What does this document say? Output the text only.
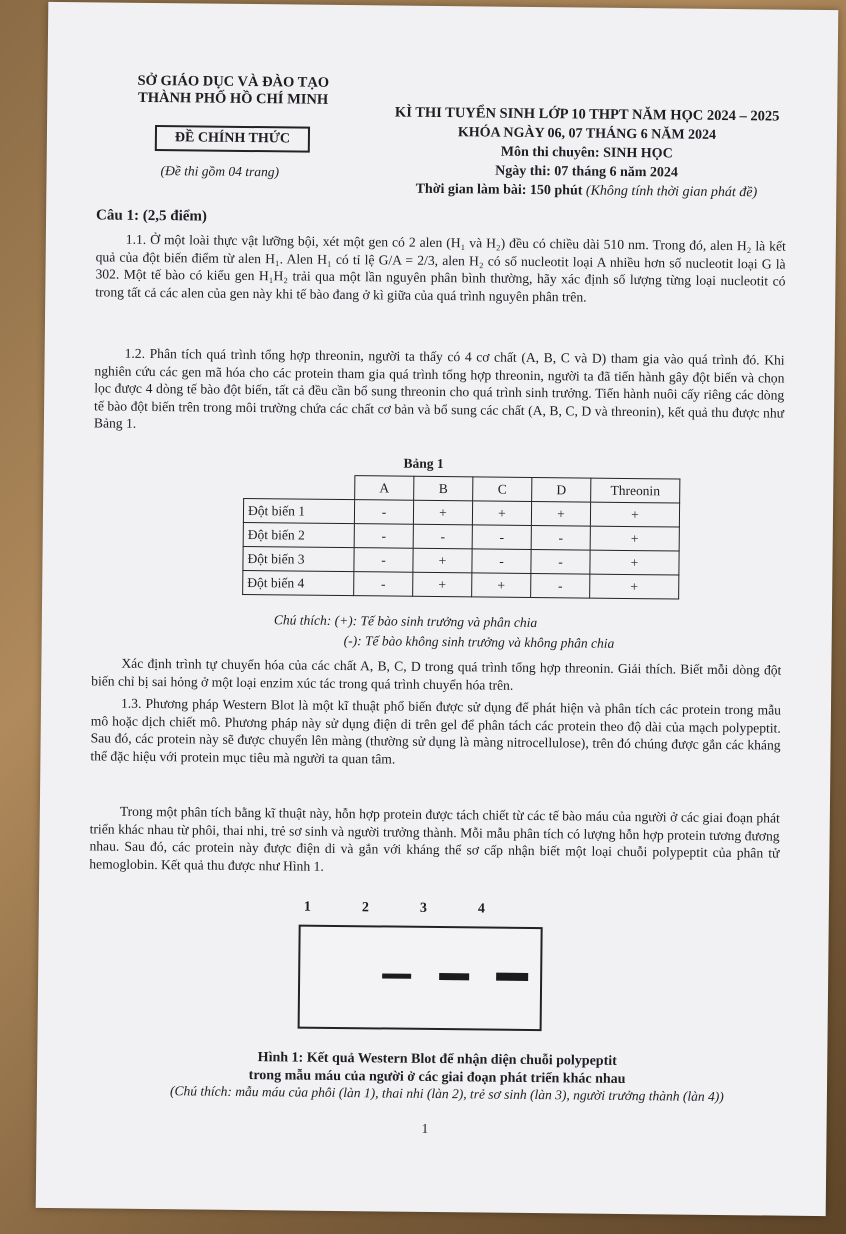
SỞ GIÁO DỤC VÀ ĐÀO TẠO
THÀNH PHỐ HỒ CHÍ MINH
ĐỀ CHÍNH THỨC
(Đề thi gồm 04 trang)
KÌ THI TUYỂN SINH LỚP 10 THPT NĂM HỌC 2024 – 2025
KHÓA NGÀY 06, 07 THÁNG 6 NĂM 2024
Môn thi chuyên: SINH HỌC
Ngày thi: 07 tháng 6 năm 2024
Thời gian làm bài: 150 phút (Không tính thời gian phát đề)
Câu 1: (2,5 điểm)

1.1. Ở một loài thực vật lưỡng bội, xét một gen có 2 alen (H₁ và H₂) đều có chiều dài 510 nm. Trong đó, alen H₂ là kết quả của đột biến điểm từ alen H₁. Alen H₁ có tỉ lệ G/A = 2/3, alen H₂ có số nucleotit loại A nhiều hơn số nucleotit loại G là 302. Một tế bào có kiểu gen H₁H₂ trải qua một lần nguyên phân bình thường, hãy xác định số lượng từng loại nucleotit có trong tất cả các alen của gen này khi tế bào đang ở kì giữa của quá trình nguyên phân trên.

1.2. Phân tích quá trình tổng hợp threonin, người ta thấy có 4 cơ chất (A, B, C và D) tham gia vào quá trình đó. Khi nghiên cứu các gen mã hóa cho các protein tham gia quá trình tổng hợp threonin, người ta đã tiến hành gây đột biến và chọn lọc được 4 dòng tế bào đột biến, tất cả đều cần bổ sung threonin cho quá trình sinh trưởng. Tiến hành nuôi cấy riêng các dòng tế bào đột biến trên trong môi trường chứa các chất cơ bản và bổ sung các chất (A, B, C, D và threonin), kết quả thu được như Bảng 1.

Bảng 1
	A	B	C	D	Threonin
Đột biến 1	-	+	+	+	+
Đột biến 2	-	-	-	-	+
Đột biến 3	-	+	-	-	+
Đột biến 4	-	+	+	-	+
Chú thích: (+): Tế bào sinh trưởng và phân chia
(-): Tế bào không sinh trưởng và không phân chia

Xác định trình tự chuyển hóa của các chất A, B, C, D trong quá trình tổng hợp threonin. Giải thích. Biết mỗi dòng đột biến chỉ bị sai hỏng ở một loại enzim xúc tác trong quá trình chuyển hóa trên.

1.3. Phương pháp Western Blot là một kĩ thuật phổ biến được sử dụng để phát hiện và phân tích các protein trong mẫu mô hoặc dịch chiết mô. Phương pháp này sử dụng điện di trên gel để phân tách các protein theo độ dài của mạch polypeptit. Sau đó, các protein này sẽ được chuyển lên màng (thường sử dụng là màng nitrocellulose), trên đó chúng được gắn các kháng thể đặc hiệu với protein mục tiêu mà người ta quan tâm.

Trong một phân tích bằng kĩ thuật này, hỗn hợp protein được tách chiết từ các tế bào máu của người ở các giai đoạn phát triển khác nhau từ phôi, thai nhi, trẻ sơ sinh và người trưởng thành. Mỗi mẫu phân tích có lượng hỗn hợp protein tương đương nhau. Sau đó, các protein này được điện di và gắn với kháng thể sơ cấp nhận biết một loại chuỗi polypeptit của phân tử hemoglobin. Kết quả thu được như Hình 1.

1	2	3	4
Hình 1: Kết quả Western Blot để nhận diện chuỗi polypeptit
trong mẫu máu của người ở các giai đoạn phát triển khác nhau
(Chú thích: mẫu máu của phôi (làn 1), thai nhi (làn 2), trẻ sơ sinh (làn 3), người trưởng thành (làn 4))
1
